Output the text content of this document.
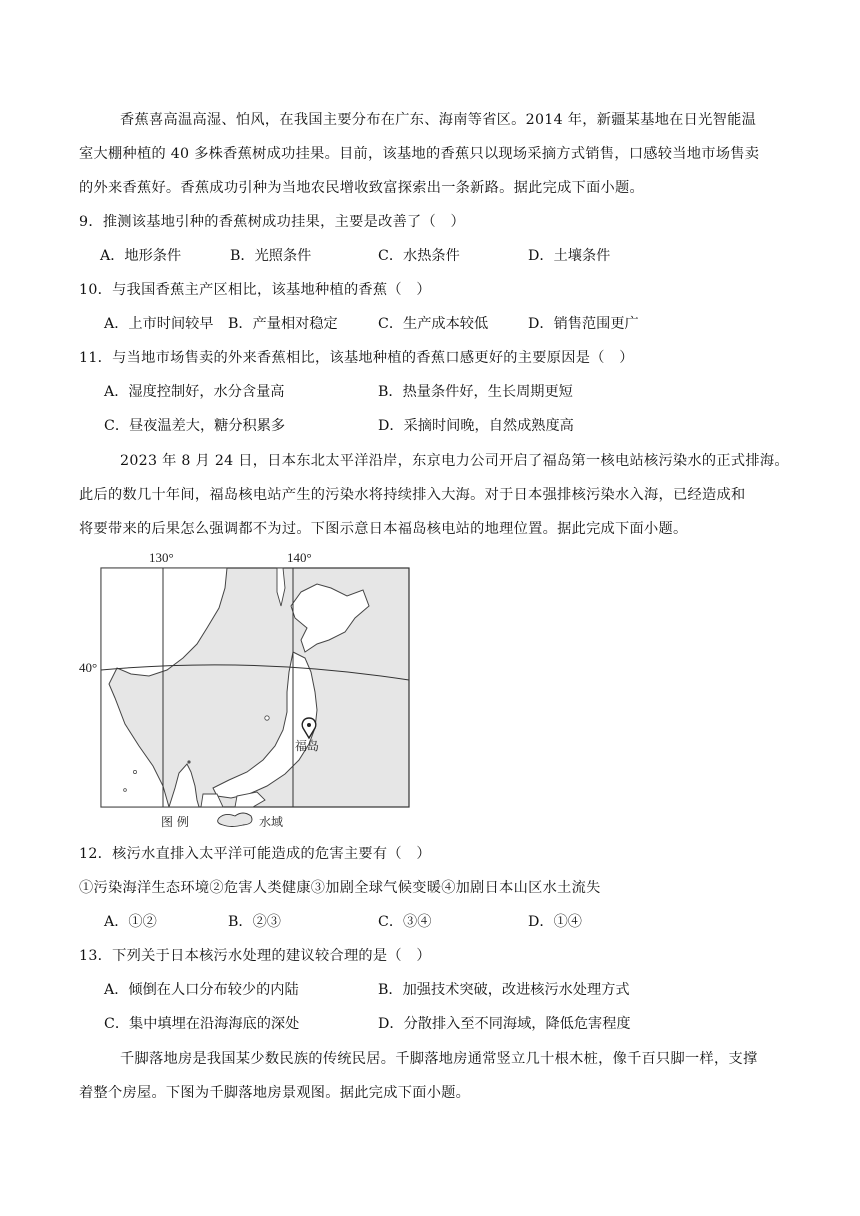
香蕉喜高温高湿、怕风，在我国主要分布在广东、海南等省区。2014 年，新疆某基地在日光智能温
室大棚种植的 40 多株香蕉树成功挂果。目前，该基地的香蕉只以现场采摘方式销售，口感较当地市场售卖
的外来香蕉好。香蕉成功引种为当地农民增收致富探索出一条新路。据此完成下面小题。
9．推测该基地引种的香蕉树成功挂果，主要是改善了（　）
A．地形条件	B．光照条件	C．水热条件	D．土壤条件
10．与我国香蕉主产区相比，该基地种植的香蕉（　）
A．上市时间较早 B．产量相对稳定	C．生产成本较低	D．销售范围更广
11．与当地市场售卖的外来香蕉相比，该基地种植的香蕉口感更好的主要原因是（　）
A．湿度控制好，水分含量高	B．热量条件好，生长周期更短
C．昼夜温差大，糖分积累多	D．采摘时间晚，自然成熟度高
2023 年 8 月 24 日，日本东北太平洋沿岸，东京电力公司开启了福岛第一核电站核污染水的正式排海。
此后的数几十年间，福岛核电站产生的污染水将持续排入大海。对于日本强排核污染水入海，已经造成和
将要带来的后果怎么强调都不为过。下图示意日本福岛核电站的地理位置。据此完成下面小题。
130°	140°
40°
福岛
图 例	水域
12．核污水直排入太平洋可能造成的危害主要有（　）
①污染海洋生态环境②危害人类健康③加剧全球气候变暖④加剧日本山区水土流失
A．①②	B．②③	C．③④	D．①④
13．下列关于日本核污水处理的建议较合理的是（　）
A．倾倒在人口分布较少的内陆	B．加强技术突破，改进核污水处理方式
C．集中填埋在沿海海底的深处	D．分散排入至不同海域，降低危害程度
千脚落地房是我国某少数民族的传统民居。千脚落地房通常竖立几十根木桩，像千百只脚一样，支撑
着整个房屋。下图为千脚落地房景观图。据此完成下面小题。
